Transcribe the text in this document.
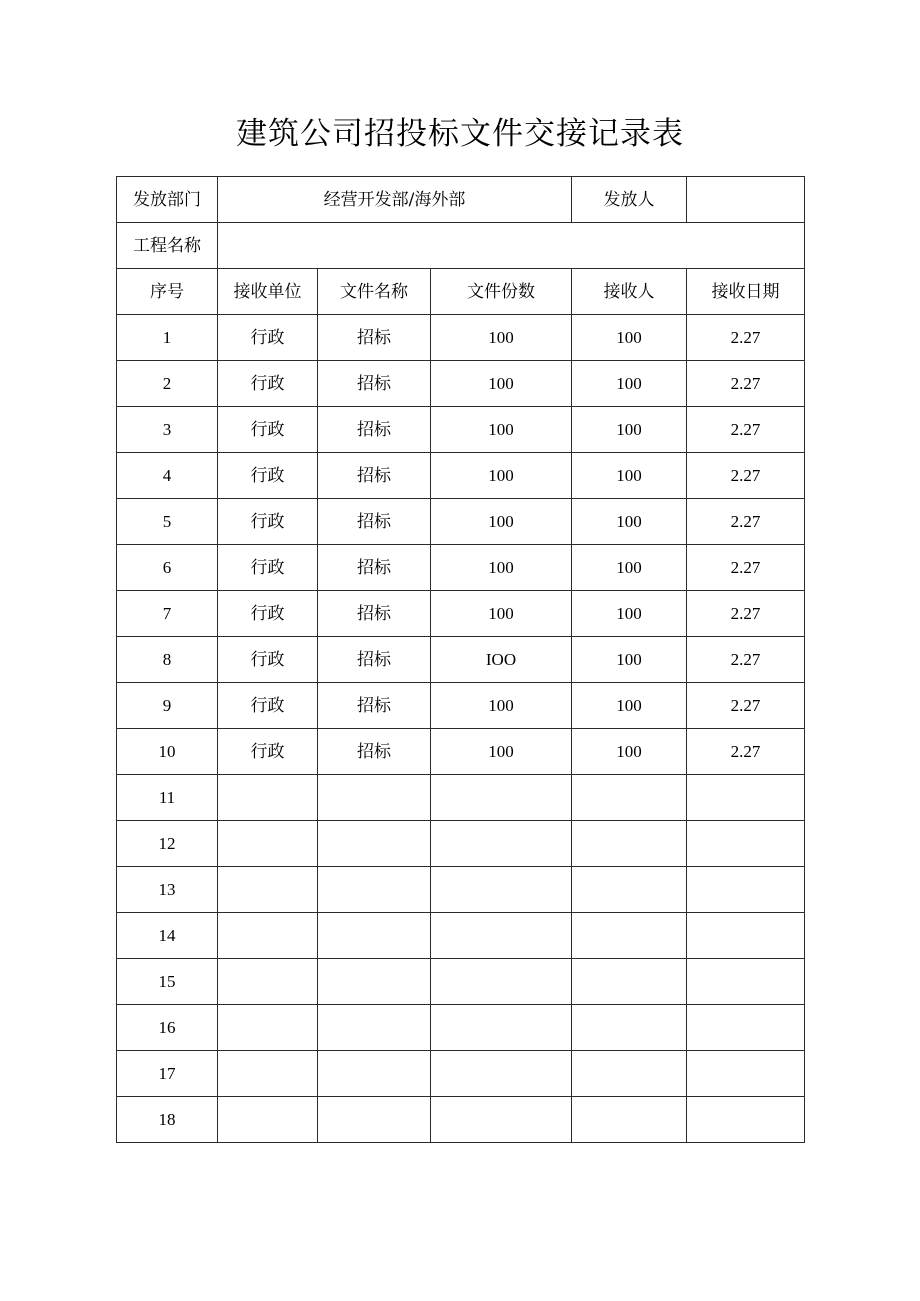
建筑公司招投标文件交接记录表
发放部门	经营开发部/海外部			发放人	
工程名称					
序号	接收单位	文件名称	文件份数	接收人	接收日期
1	行政	招标	100	100	2.27
2	行政	招标	100	100	2.27
3	行政	招标	100	100	2.27
4	行政	招标	100	100	2.27
5	行政	招标	100	100	2.27
6	行政	招标	100	100	2.27
7	行政	招标	100	100	2.27
8	行政	招标	IOO	100	2.27
9	行政	招标	100	100	2.27
10	行政	招标	100	100	2.27
11					
12					
13					
14					
15					
16					
17					
18					
